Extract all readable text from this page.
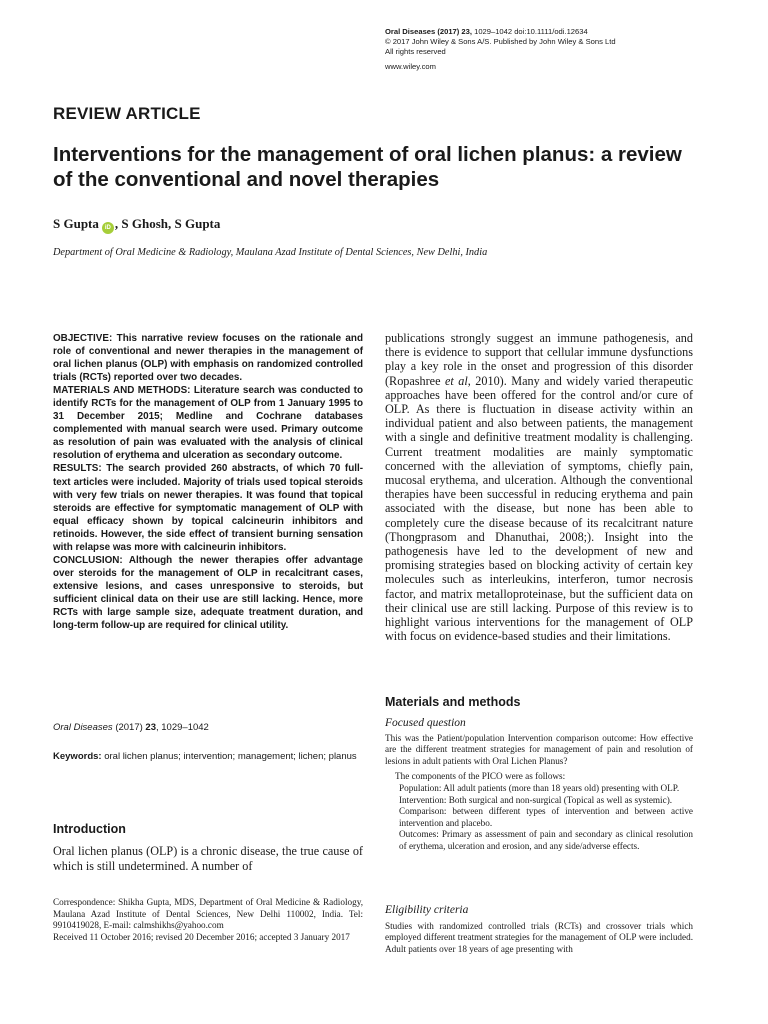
Oral Diseases (2017) 23, 1029–1042 doi:10.1111/odi.12634
© 2017 John Wiley & Sons A/S. Published by John Wiley & Sons Ltd
All rights reserved
www.wiley.com
REVIEW ARTICLE
Interventions for the management of oral lichen planus: a review of the conventional and novel therapies
S Gupta iD , S Ghosh, S Gupta
Department of Oral Medicine & Radiology, Maulana Azad Institute of Dental Sciences, New Delhi, India

OBJECTIVE: This narrative review focuses on the rationale and role of conventional and newer therapies in the management of oral lichen planus (OLP) with emphasis on randomized controlled trials (RCTs) reported over two decades.

MATERIALS AND METHODS: Literature search was conducted to identify RCTs for the management of OLP from 1 January 1995 to 31 December 2015; Medline and Cochrane databases complemented with manual search were used. Primary outcome as resolution of pain was evaluated with the analysis of clinical resolution of erythema and ulceration as secondary outcome.

RESULTS: The search provided 260 abstracts, of which 70 full-text articles were included. Majority of trials used topical steroids with very few trials on newer therapies. It was found that topical steroids are effective for symptomatic management of OLP with equal efficacy shown by topical calcineurin inhibitors and retinoids. However, the side effect of transient burning sensation with relapse was more with calcineurin inhibitors.

CONCLUSION: Although the newer therapies offer advantage over steroids for the management of OLP in recalcitrant cases, extensive lesions, and cases unresponsive to steroids, but sufficient clinical data on their use are still lacking. Hence, more RCTs with large sample size, adequate treatment duration, and long-term follow-up are required for clinical utility.

Oral Diseases (2017) 23, 1029–1042
Keywords: oral lichen planus; intervention; management; lichen; planus
Introduction

Oral lichen planus (OLP) is a chronic disease, the true cause of which is still undetermined. A number of

Correspondence: Shikha Gupta, MDS, Department of Oral Medicine & Radiology, Maulana Azad Institute of Dental Sciences, New Delhi 110002, India. Tel: 9910419028, E-mail: calmshikhs@yahoo.com

Received 11 October 2016; revised 20 December 2016; accepted 3 January 2017

publications strongly suggest an immune pathogenesis, and there is evidence to support that cellular immune dysfunctions play a key role in the onset and progression of this disorder (Ropashree et al, 2010). Many and widely varied therapeutic approaches have been offered for the control and/or cure of OLP. As there is fluctuation in disease activity within an individual patient and also between patients, the management with a single and definitive treatment modality is challenging. Current treatment modalities are mainly symptomatic concerned with the alleviation of symptoms, chiefly pain, mucosal erythema, and ulceration. Although the conventional therapies have been successful in reducing erythema and pain associated with the disease, but none has been able to completely cure the disease because of its recalcitrant nature (Thongprasom and Dhanuthai, 2008;). Insight into the pathogenesis have led to the development of new and promising strategies based on blocking activity of certain key molecules such as interleukins, interferon, tumor necrosis factor, and matrix metalloproteinase, but the sufficient data on their clinical use are still lacking. Purpose of this review is to highlight various interventions for the management of OLP with focus on evidence-based studies and their limitations.

Materials and methods
Focused question

This was the Patient/population Intervention comparison outcome: How effective are the different treatment strategies for management of pain and resolution of lesions in adult patients with Oral Lichen Planus?

The components of the PICO were as follows:

Population: All adult patients (more than 18 years old) presenting with OLP.

Intervention: Both surgical and non-surgical (Topical as well as systemic).

Comparison: between different types of intervention and between active intervention and placebo.

Outcomes: Primary as assessment of pain and secondary as clinical resolution of erythema, ulceration and erosion, and any side/adverse effects.

Eligibility criteria

Studies with randomized controlled trials (RCTs) and crossover trials which employed different treatment strategies for the management of OLP were included. Adult patients over 18 years of age presenting with
